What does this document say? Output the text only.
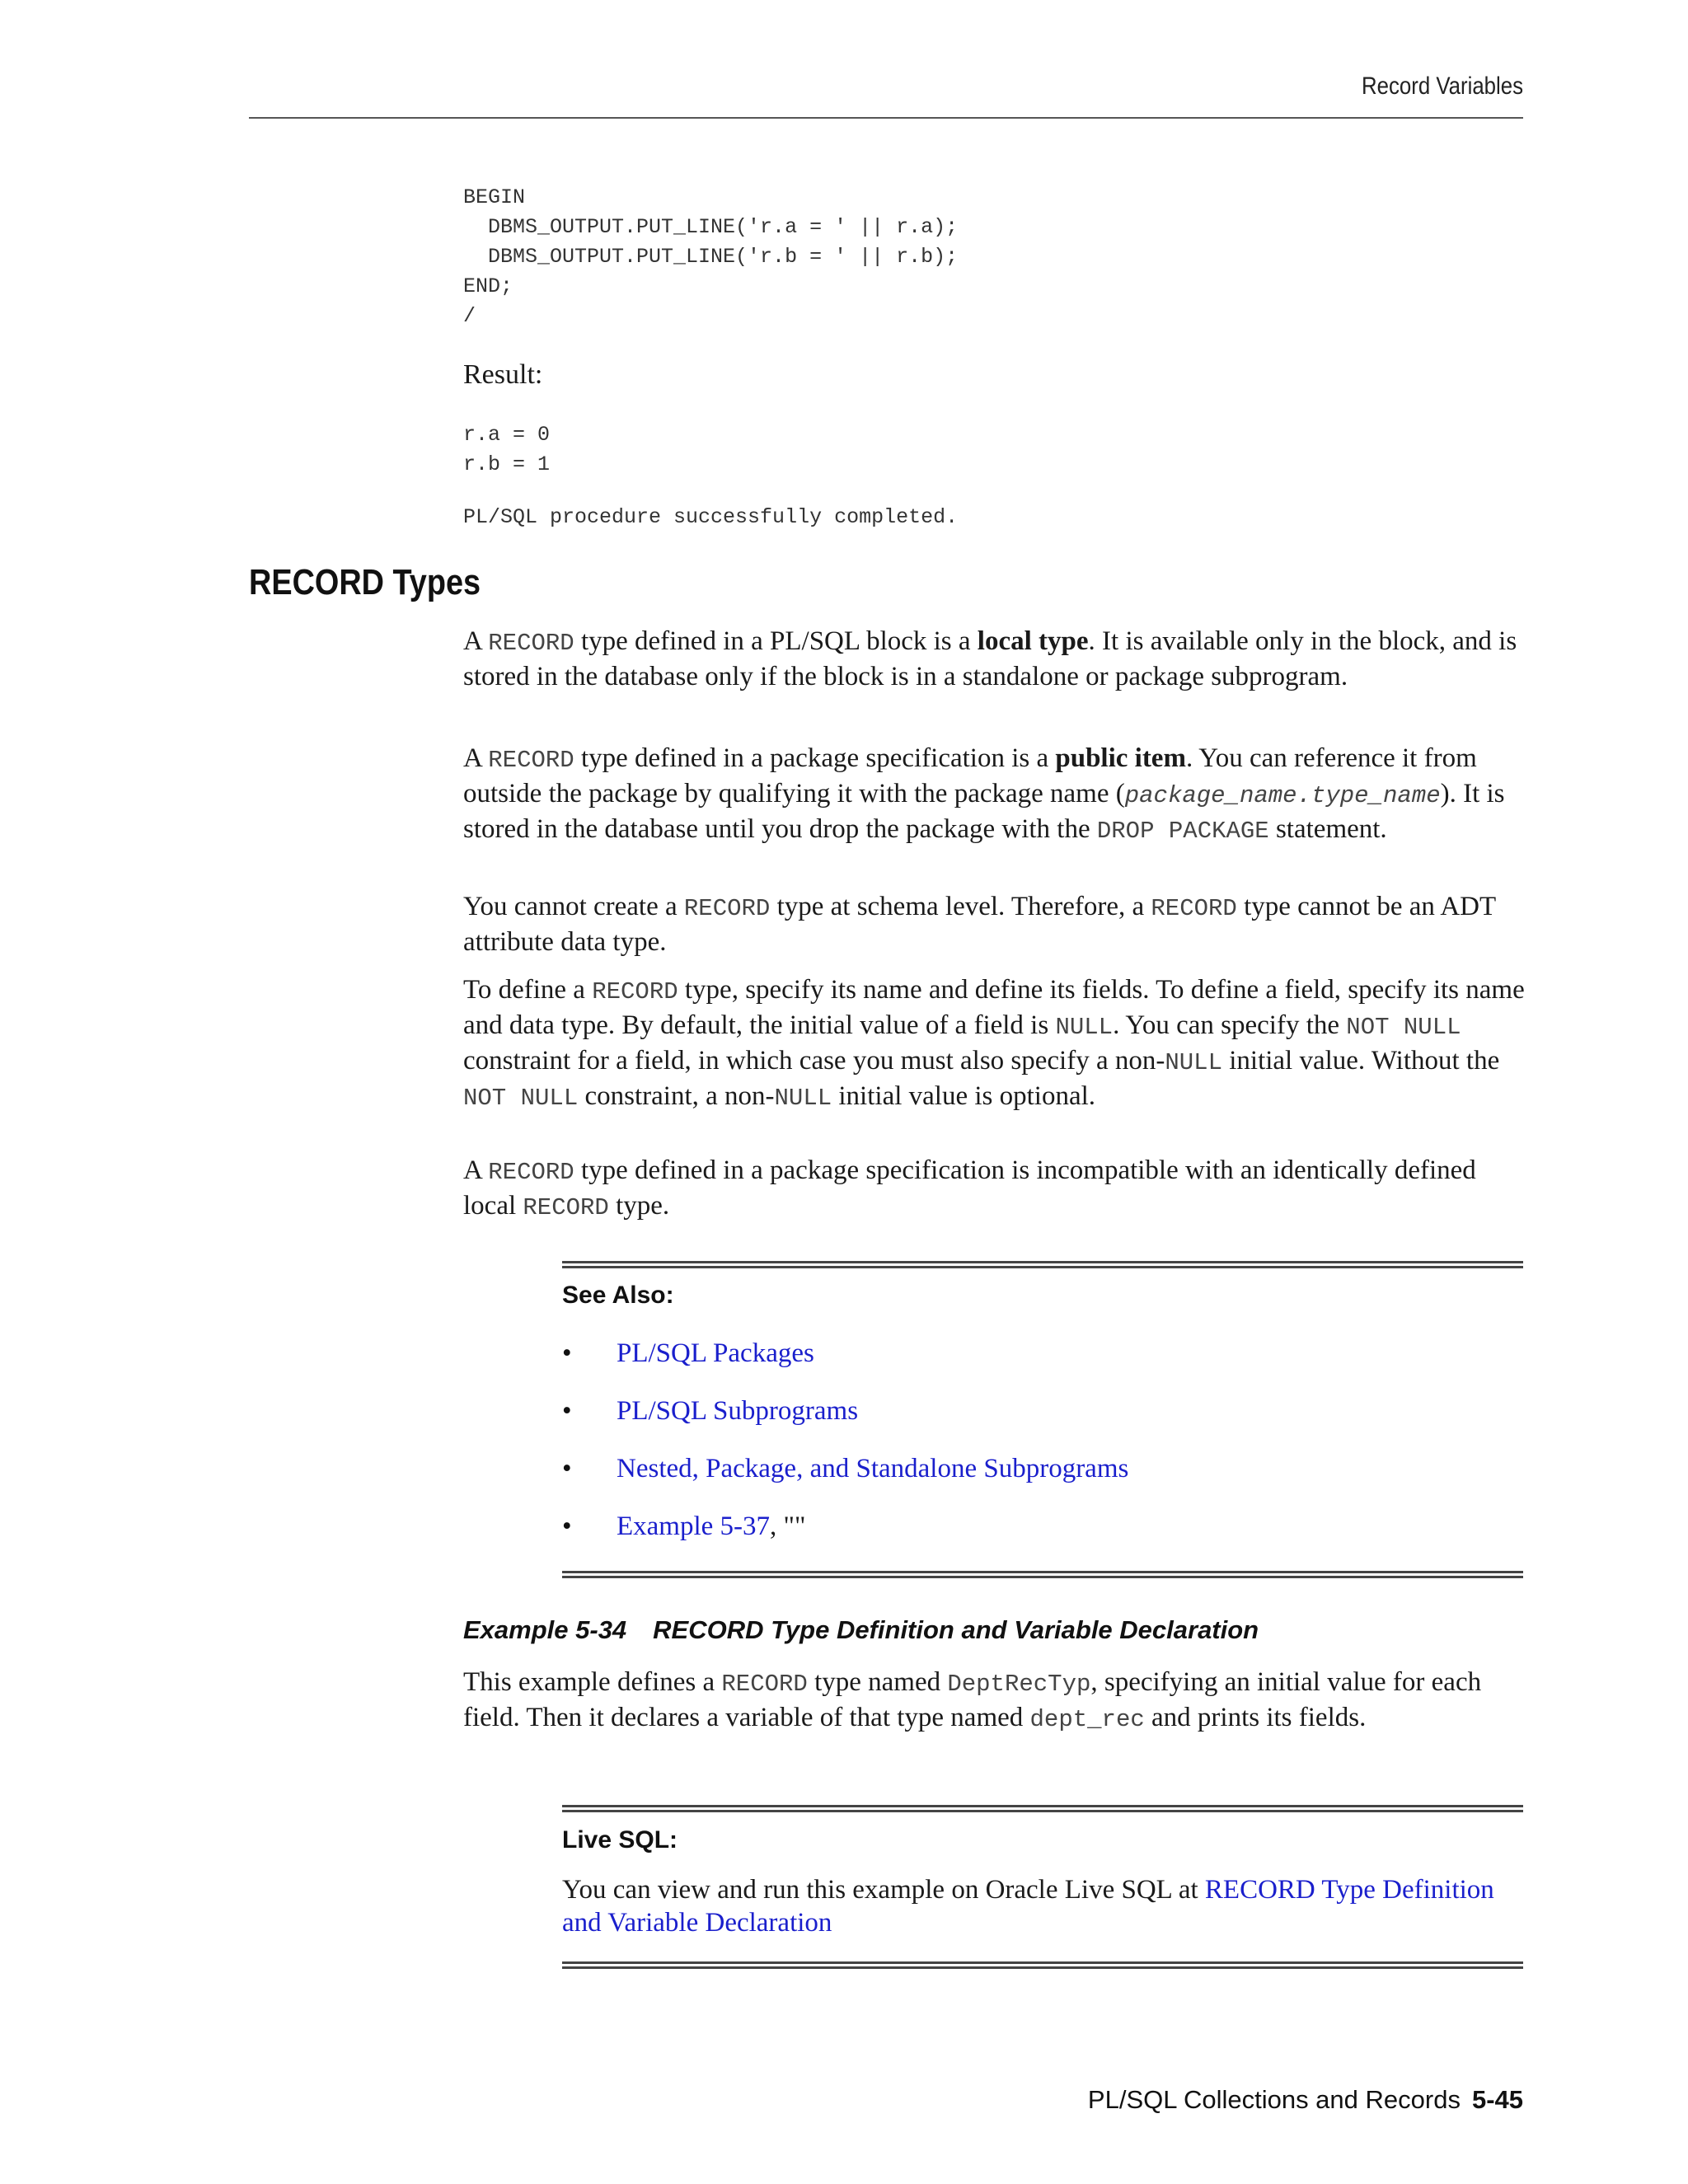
Record Variables
BEGIN
DBMS_OUTPUT.PUT_LINE('r.a = ' || r.a);
DBMS_OUTPUT.PUT_LINE('r.b = ' || r.b);
END;
/
Result:
r.a = 0
r.b = 1
PL/SQL procedure successfully completed.
RECORD Types

A RECORD type defined in a PL/SQL block is a local type. It is available only in the block, and is stored in the database only if the block is in a standalone or package subprogram.

A RECORD type defined in a package specification is a public item. You can reference it from outside the package by qualifying it with the package name (package_name.type_name). It is stored in the database until you drop the package with the DROP PACKAGE statement.

You cannot create a RECORD type at schema level. Therefore, a RECORD type cannot be an ADT attribute data type.

To define a RECORD type, specify its name and define its fields. To define a field, specify its name and data type. By default, the initial value of a field is NULL. You can specify the NOT NULL constraint for a field, in which case you must also specify a non-NULL initial value. Without the NOT NULL constraint, a non-NULL initial value is optional.

A RECORD type defined in a package specification is incompatible with an identically defined local RECORD type.

See Also:
• PL/SQL Packages
• PL/SQL Subprograms
• Nested, Package, and Standalone Subprograms
• Example 5-37, ""
Example 5-34 RECORD Type Definition and Variable Declaration

This example defines a RECORD type named DeptRecTyp, specifying an initial value for each field. Then it declares a variable of that type named dept_rec and prints its fields.

Live SQL:
You can view and run this example on Oracle Live SQL at RECORD Type Definition and Variable Declaration
PL/SQL Collections and Records 5-45
